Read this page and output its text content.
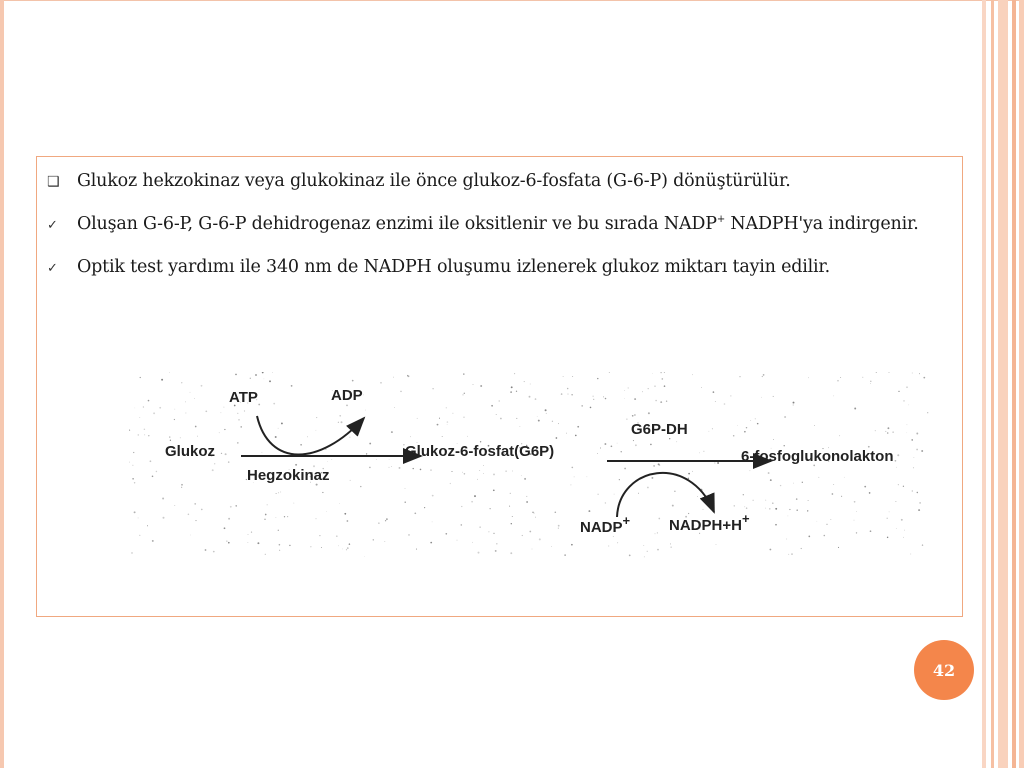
❑	Glukoz hekzokinaz veya glukokinaz ile önce glukoz-6-fosfata (G-6-P) dönüştürülür.
✓	Oluşan G-6-P, G-6-P dehidrogenaz enzimi ile oksitlenir ve bu sırada NADP+ NADPH'ya indirgenir.
✓	Optik test yardımı ile 340 nm de NADPH oluşumu izlenerek glukoz miktarı tayin edilir.
ATP	ADP
Glukoz
Hegzokinaz
Glukoz-6-fosfat(G6P)
G6P-DH
6-fosfoglukonolakton
NADP+	NADPH+H+
42
